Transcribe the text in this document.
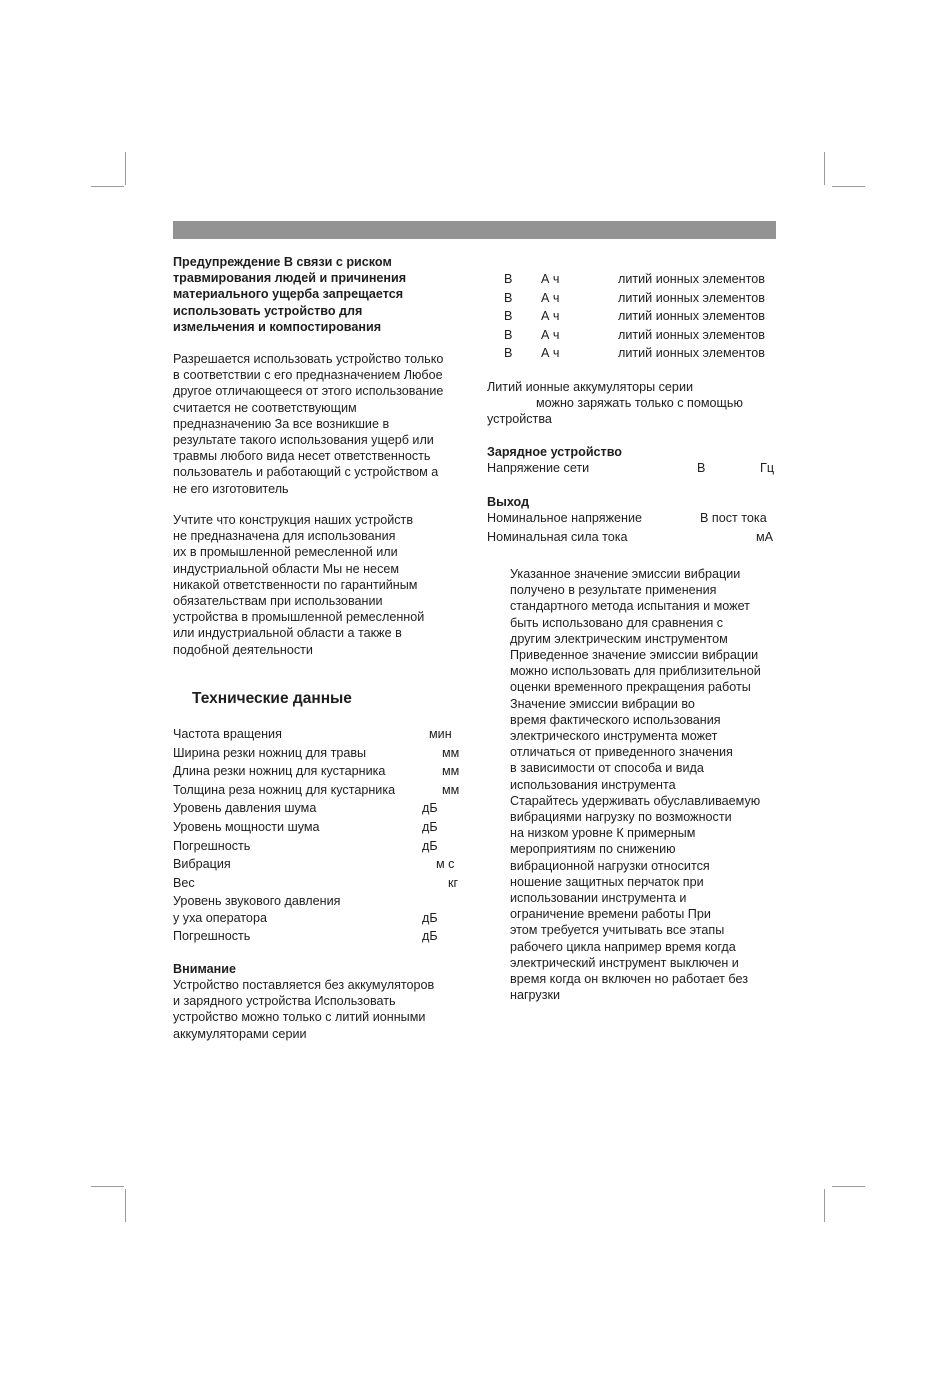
Предупреждение В связи с риском

травмирования людей и причинения

материального ущерба запрещается

использовать устройство для

измельчения и компостирования

Разрешается использовать устройство только

в соответствии с его предназначением Любое

другое отличающееся от этого использование

считается не соответствующим

предназначению За все возникшие в

результате такого использования ущерб или

травмы любого вида несет ответственность

пользователь и работающий с устройством а

не его изготовитель

Учтите что конструкция наших устройств

не предназначена для использования

их в промышленной ремесленной или

индустриальной области Мы не несем

никакой ответственности по гарантийным

обязательствам при использовании

устройства в промышленной ремесленной

или индустриальной области а также в

подобной деятельности

Технические данные
Частота вращения	мин
Ширина резки ножниц для травы	мм
Длина резки ножниц для кустарника	мм
Толщина реза ножниц для кустарника	мм
Уровень давления шума	дБ
Уровень мощности шума	дБ
Погрешность	дБ
Вибрация	м с
Вес	кг
Уровень звукового давления
у уха оператора	дБ
Погрешность	дБ
Внимание

Устройство поставляется без аккумуляторов

и зарядного устройства Использовать

устройство можно только с литий ионными

аккумуляторами серии

В А ч	литий ионных элементов
В А ч	литий ионных элементов
В А ч	литий ионных элементов
В А ч	литий ионных элементов
В А ч	литий ионных элементов

Литий ионные аккумуляторы серии

можно заряжать только с помощью

устройства

Зарядное устройство
Напряжение сети	В	Гц
Выход
Номинальное напряжение	В пост тока
Номинальная сила тока	мА

Указанное значение эмиссии вибрации

получено в результате применения

стандартного метода испытания и может

быть использовано для сравнения с

другим электрическим инструментом

Приведенное значение эмиссии вибрации

можно использовать для приблизительной

оценки временного прекращения работы

Значение эмиссии вибрации во

время фактического использования

электрического инструмента может

отличаться от приведенного значения

в зависимости от способа и вида

использования инструмента

Старайтесь удерживать обуславливаемую

вибрациями нагрузку по возможности

на низком уровне К примерным

мероприятиям по снижению

вибрационной нагрузки относится

ношение защитных перчаток при

использовании инструмента и

ограничение времени работы При

этом требуется учитывать все этапы

рабочего цикла например время когда

электрический инструмент выключен и

время когда он включен но работает без

нагрузки
